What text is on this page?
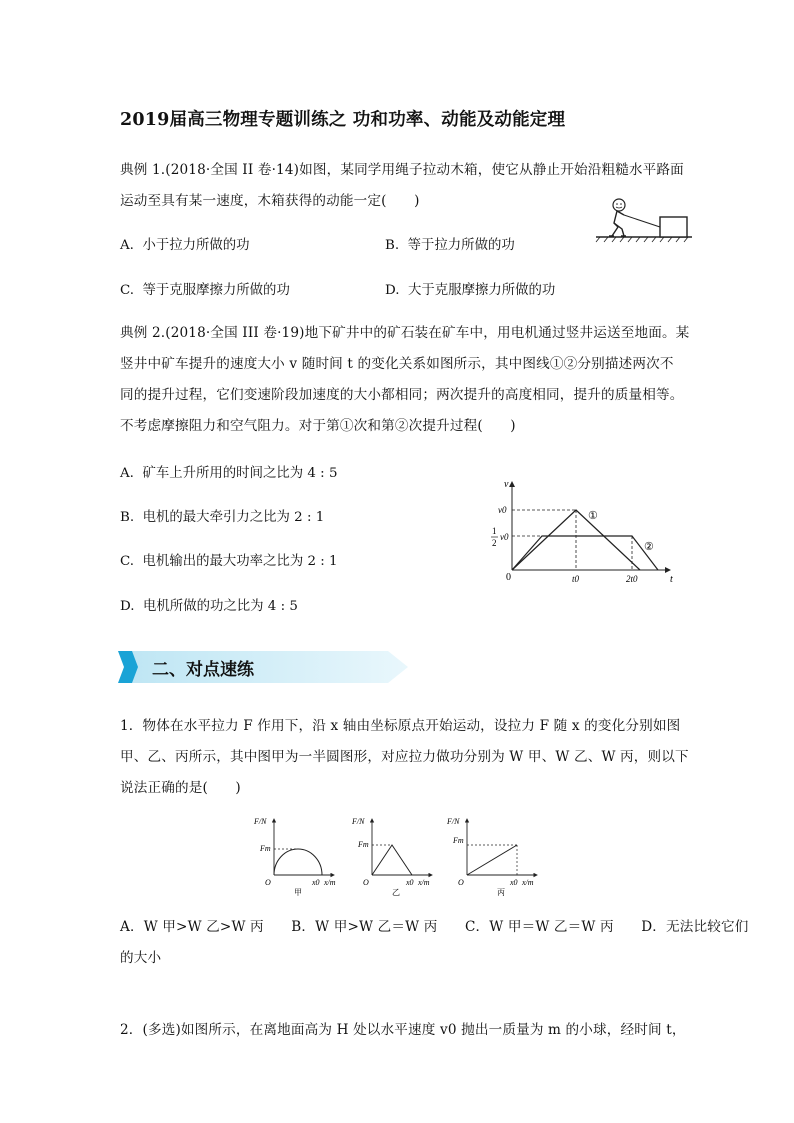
2019届高三物理专题训练之 功和功率、动能及动能定理
典例 1.(2018·全国 II 卷·14)如图，某同学用绳子拉动木箱，使它从静止开始沿粗糙水平路面
运动至具有某一速度，木箱获得的动能一定(　　)
A. 小于拉力所做的功	B. 等于拉力所做的功
C. 等于克服摩擦力所做的功	D. 大于克服摩擦力所做的功
典例 2.(2018·全国 III 卷·19)地下矿井中的矿石装在矿车中，用电机通过竖井运送至地面。某
竖井中矿车提升的速度大小 v 随时间 t 的变化关系如图所示，其中图线①②分别描述两次不
同的提升过程，它们变速阶段加速度的大小都相同；两次提升的高度相同，提升的质量相等。
不考虑摩擦阻力和空气阻力。对于第①次和第②次提升过程(　　)
A. 矿车上升所用的时间之比为 4 : 5
B. 电机的最大牵引力之比为 2 : 1
C. 电机输出的最大功率之比为 2 : 1
D. 电机所做的功之比为 4 : 5
v
t
0
v0
1
2
v0
t0	2t0
①
②
二、对点速练
1．物体在水平拉力 F 作用下，沿 x 轴由坐标原点开始运动，设拉力 F 随 x 的变化分别如图
甲、乙、丙所示，其中图甲为一半圆图形，对应拉力做功分别为 W 甲、W 乙、W 丙，则以下
说法正确的是(　　)
F/N
Fm
O	x0 x/m
甲
F/N
Fm
O	x0 x/m
乙
F/N
Fm
O	x0 x/m
丙
A．W 甲>W 乙>W 丙　　B．W 甲>W 乙＝W 丙　　C．W 甲＝W 乙＝W 丙　　D．无法比较它们
的大小
2．(多选)如图所示，在离地面高为 H 处以水平速度 v0 抛出一质量为 m 的小球，经时间 t，
